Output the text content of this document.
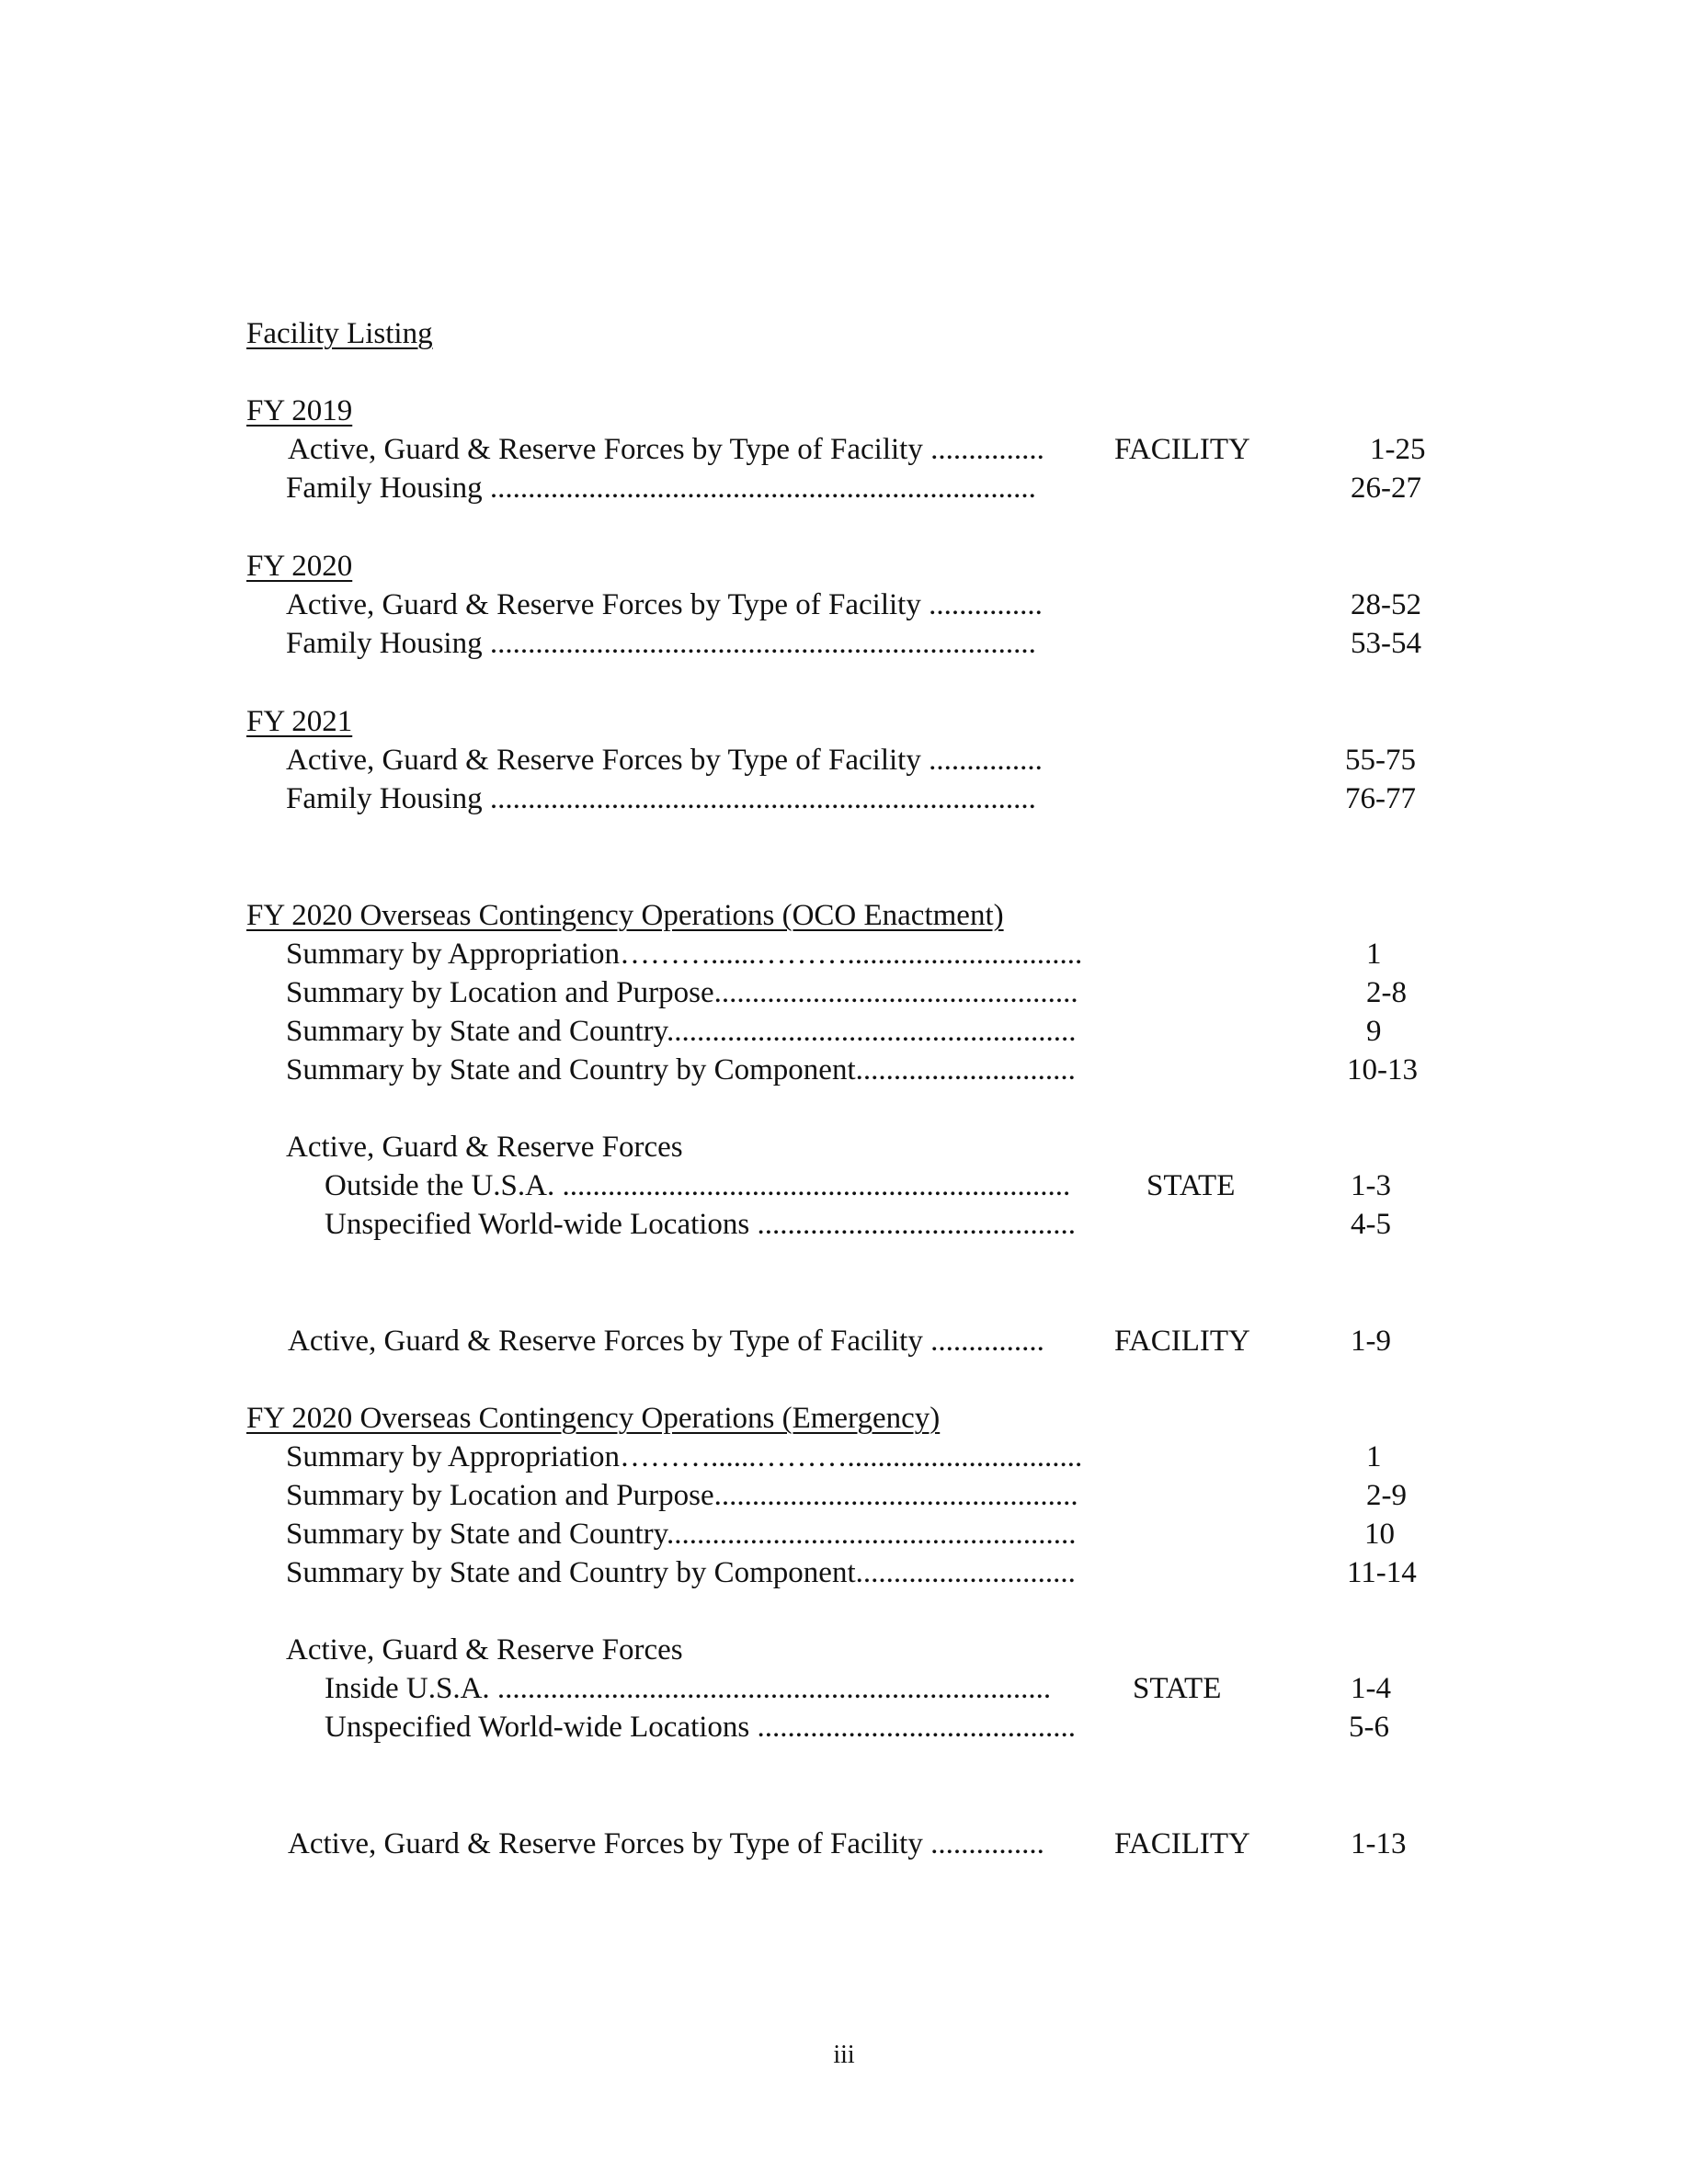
Facility Listing
FY 2019
Active, Guard & Reserve Forces by Type of Facility ............... FACILITY	1-25
Family Housing ........................................................................	26-27
FY 2020
Active, Guard & Reserve Forces by Type of Facility ...............	28-52
Family Housing ........................................................................	53-54
FY 2021
Active, Guard & Reserve Forces by Type of Facility ...............	55-75
Family Housing ........................................................................	76-77
FY 2020 Overseas Contingency Operations (OCO Enactment)
Summary by Appropriation………......………...............................	1
Summary by Location and Purpose................................................	2-8
Summary by State and Country......................................................	9
Summary by State and Country by Component.............................	10-13
Active, Guard & Reserve Forces
Outside the U.S.A. ................................................................... STATE	1-3
Unspecified World-wide Locations ..........................................	4-5
Active, Guard & Reserve Forces by Type of Facility ............... FACILITY	1-9
FY 2020 Overseas Contingency Operations (Emergency)
Summary by Appropriation………......………...............................	1
Summary by Location and Purpose................................................	2-9
Summary by State and Country......................................................	10
Summary by State and Country by Component.............................	11-14
Active, Guard & Reserve Forces
Inside U.S.A. .........................................................................	STATE	1-4
Unspecified World-wide Locations ..........................................	5-6
Active, Guard & Reserve Forces by Type of Facility ............... FACILITY	1-13
iii
